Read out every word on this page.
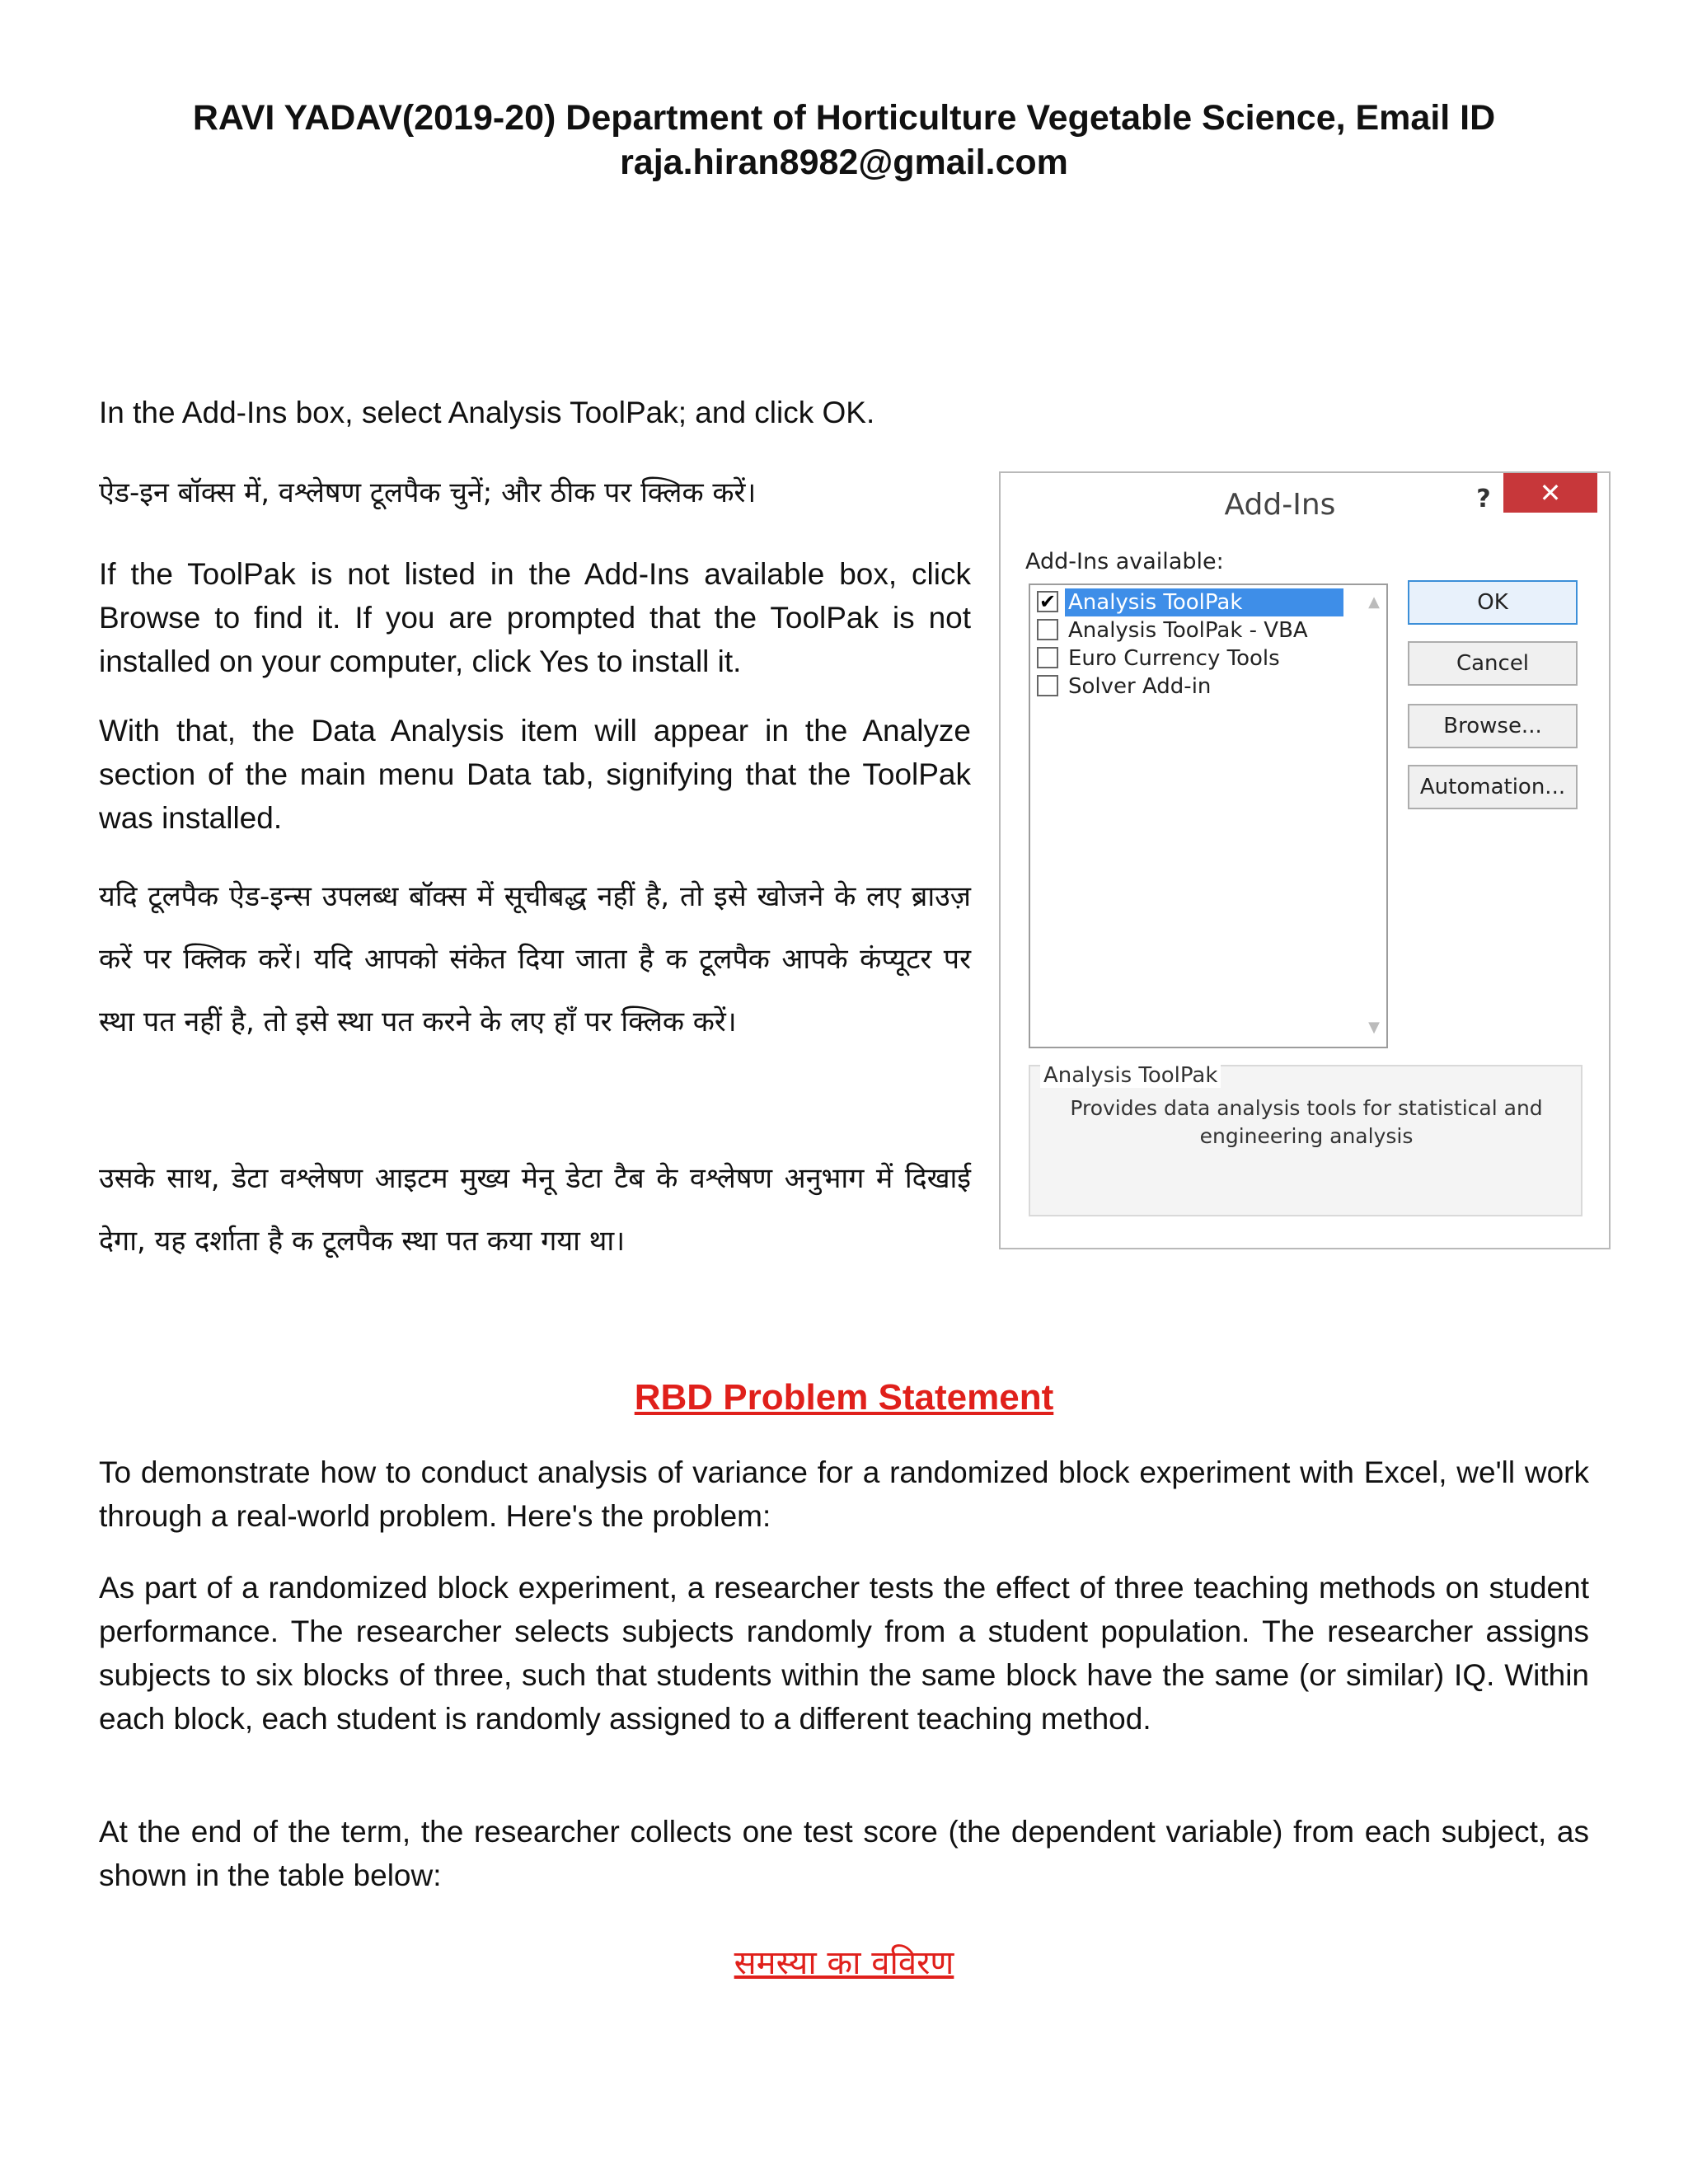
RAVI YADAV(2019-20) Department of Horticulture Vegetable Science, Email ID
raja.hiran8982@gmail.com

In the Add-Ins box, select Analysis ToolPak; and click OK.

ऐड-इन बॉक्स में, वश्लेषण टूलपैक चुनें; और ठीक पर क्लिक करें।

If the ToolPak is not listed in the Add-Ins available box, click Browse to find it. If you are prompted that the ToolPak is not installed on your computer, click Yes to install it.

With that, the Data Analysis item will appear in the Analyze section of the main menu Data tab, signifying that the ToolPak was installed.

यदि टूलपैक ऐड-इन्स उपलब्ध बॉक्स में सूचीबद्ध नहीं है, तो इसे खोजने के लए ब्राउज़ करें पर क्लिक करें। यदि आपको संकेत दिया जाता है क टूलपैक आपके कंप्यूटर पर स्था पत नहीं है, तो इसे स्था पत करने के लए हाँ पर क्लिक करें।

उसके साथ, डेटा वश्लेषण आइटम मुख्य मेनू डेटा टैब के वश्लेषण अनुभाग में दिखाई देगा, यह दर्शाता है क टूलपैक स्था पत कया गया था।

Add-Ins	?	✕
Add-Ins available:
✔ Analysis ToolPak
Analysis ToolPak - VBA
Euro Currency Tools
Solver Add-in
▲
▼
OK
Cancel
Browse...
Automation...
Analysis ToolPak
Provides data analysis tools for statistical and engineering analysis
RBD Problem Statement

To demonstrate how to conduct analysis of variance for a randomized block experiment with Excel, we'll work through a real-world problem. Here's the problem:

As part of a randomized block experiment, a researcher tests the effect of three teaching methods on student performance. The researcher selects subjects randomly from a student population. The researcher assigns subjects to six blocks of three, such that students within the same block have the same (or similar) IQ. Within each block, each student is randomly assigned to a different teaching method.

At the end of the term, the researcher collects one test score (the dependent variable) from each subject, as shown in the table below:

समस्या का वविरण
